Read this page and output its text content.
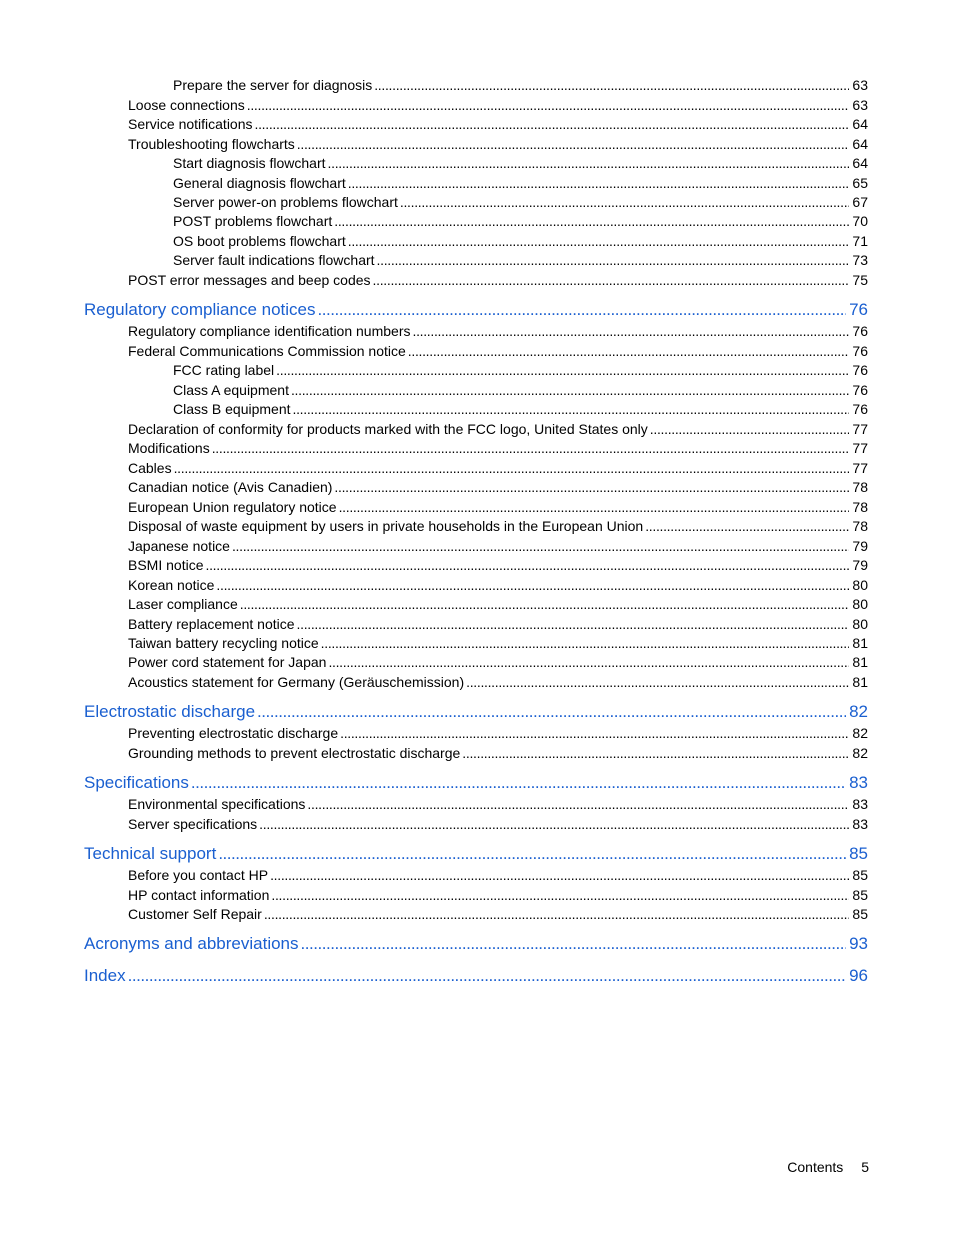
Prepare the server for diagnosis . . .	63
Loose connections . . .	63
Service notifications . . .	64
Troubleshooting flowcharts . . .	64
Start diagnosis flowchart . . .	64
General diagnosis flowchart . . .	65
Server power-on problems flowchart . . .	67
POST problems flowchart . . .	70
OS boot problems flowchart . . .	71
Server fault indications flowchart . . .	73
POST error messages and beep codes . . .	75
Regulatory compliance notices . . .	76
Regulatory compliance identification numbers . . .	76
Federal Communications Commission notice . . .	76
FCC rating label . . .	76
Class A equipment . . .	76
Class B equipment . . .	76
Declaration of conformity for products marked with the FCC logo, United States only . . .	77
Modifications . . .	77
Cables . . .	77
Canadian notice (Avis Canadien) . . .	78
European Union regulatory notice . . .	78
Disposal of waste equipment by users in private households in the European Union . . .	78
Japanese notice . . .	79
BSMI notice . . .	79
Korean notice . . .	80
Laser compliance . . .	80
Battery replacement notice . . .	80
Taiwan battery recycling notice . . .	81
Power cord statement for Japan . . .	81
Acoustics statement for Germany (Geräuschemission) . . .	81
Electrostatic discharge . . .	82
Preventing electrostatic discharge . . .	82
Grounding methods to prevent electrostatic discharge . . .	82
Specifications . . .	83
Environmental specifications . . .	83
Server specifications . . .	83
Technical support . . .	85
Before you contact HP . . .	85
HP contact information . . .	85
Customer Self Repair . . .	85
Acronyms and abbreviations . . .	93
Index . . .	96
Contents 5
